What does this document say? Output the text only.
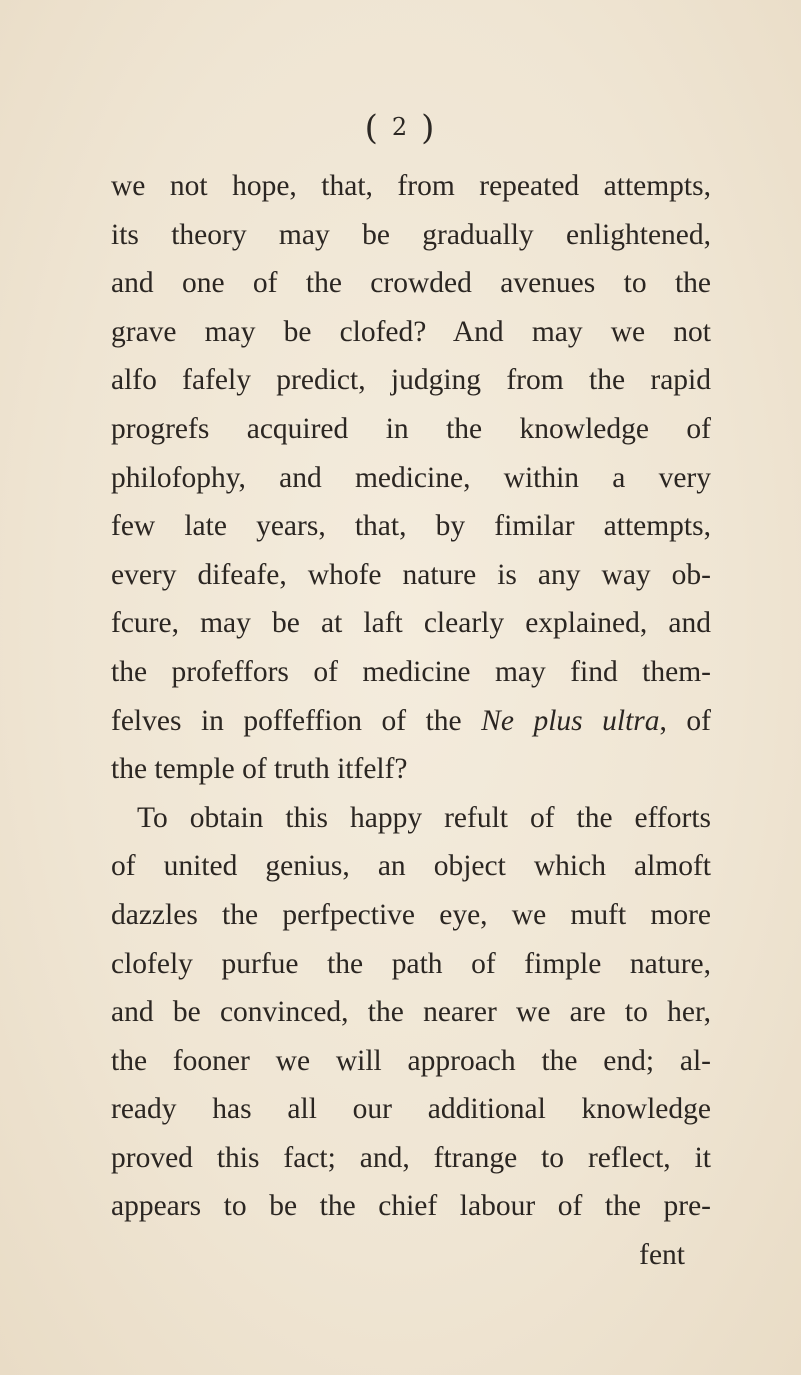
( 2 )
we not hope, that, from repeated attempts,
its theory may be gradually enlightened,
and one of the crowded avenues to the
grave may be clofed? And may we not
alfo fafely predict, judging from the rapid
progrefs acquired in the knowledge of
philofophy, and medicine, within a very
few late years, that, by fimilar attempts,
every difeafe, whofe nature is any way ob-
fcure, may be at laft clearly explained, and
the profeffors of medicine may find them-
felves in poffeffion of the Ne plus ultra, of
the temple of truth itfelf?
To obtain this happy refult of the efforts
of united genius, an object which almoft
dazzles the perfpective eye, we muft more
clofely purfue the path of fimple nature,
and be convinced, the nearer we are to her,
the fooner we will approach the end; al-
ready has all our additional knowledge
proved this fact; and, ftrange to reflect, it
appears to be the chief labour of the pre-
fent
